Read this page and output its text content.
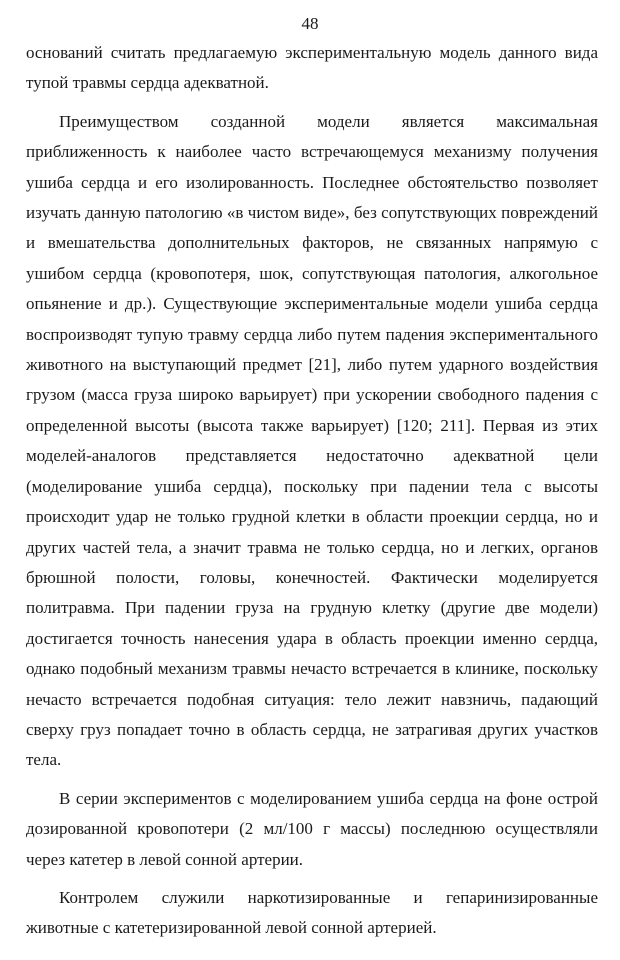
48

оснований считать предлагаемую экспериментальную модель данного вида тупой травмы сердца адекватной.

Преимуществом созданной модели является максимальная приближенность к наиболее часто встречающемуся механизму получения ушиба сердца и его изолированность. Последнее обстоятельство позволяет изучать данную патологию «в чистом виде», без сопутствующих повреждений и вмешательства дополнительных факторов, не связанных напрямую с ушибом сердца (кровопотеря, шок, сопутствующая патология, алкогольное опьянение и др.). Существующие экспериментальные модели ушиба сердца воспроизводят тупую травму сердца либо путем падения экспериментального животного на выступающий предмет [21], либо путем ударного воздействия грузом (масса груза широко варьирует) при ускорении свободного падения с определенной высоты (высота также варьирует) [120; 211]. Первая из этих моделей-аналогов представляется недостаточно адекватной цели (моделирование ушиба сердца), поскольку при падении тела с высоты происходит удар не только грудной клетки в области проекции сердца, но и других частей тела, а значит травма не только сердца, но и легких, органов брюшной полости, головы, конечностей. Фактически моделируется политравма. При падении груза на грудную клетку (другие две модели) достигается точность нанесения удара в область проекции именно сердца, однако подобный механизм травмы нечасто встречается в клинике, поскольку нечасто встречается подобная ситуация: тело лежит навзничь, падающий сверху груз попадает точно в область сердца, не затрагивая других участков тела.

В серии экспериментов с моделированием ушиба сердца на фоне острой дозированной кровопотери (2 мл/100 г массы) последнюю осуществляли через катетер в левой сонной артерии.

Контролем служили наркотизированные и гепаринизированные животные с катетеризированной левой сонной артерией.
